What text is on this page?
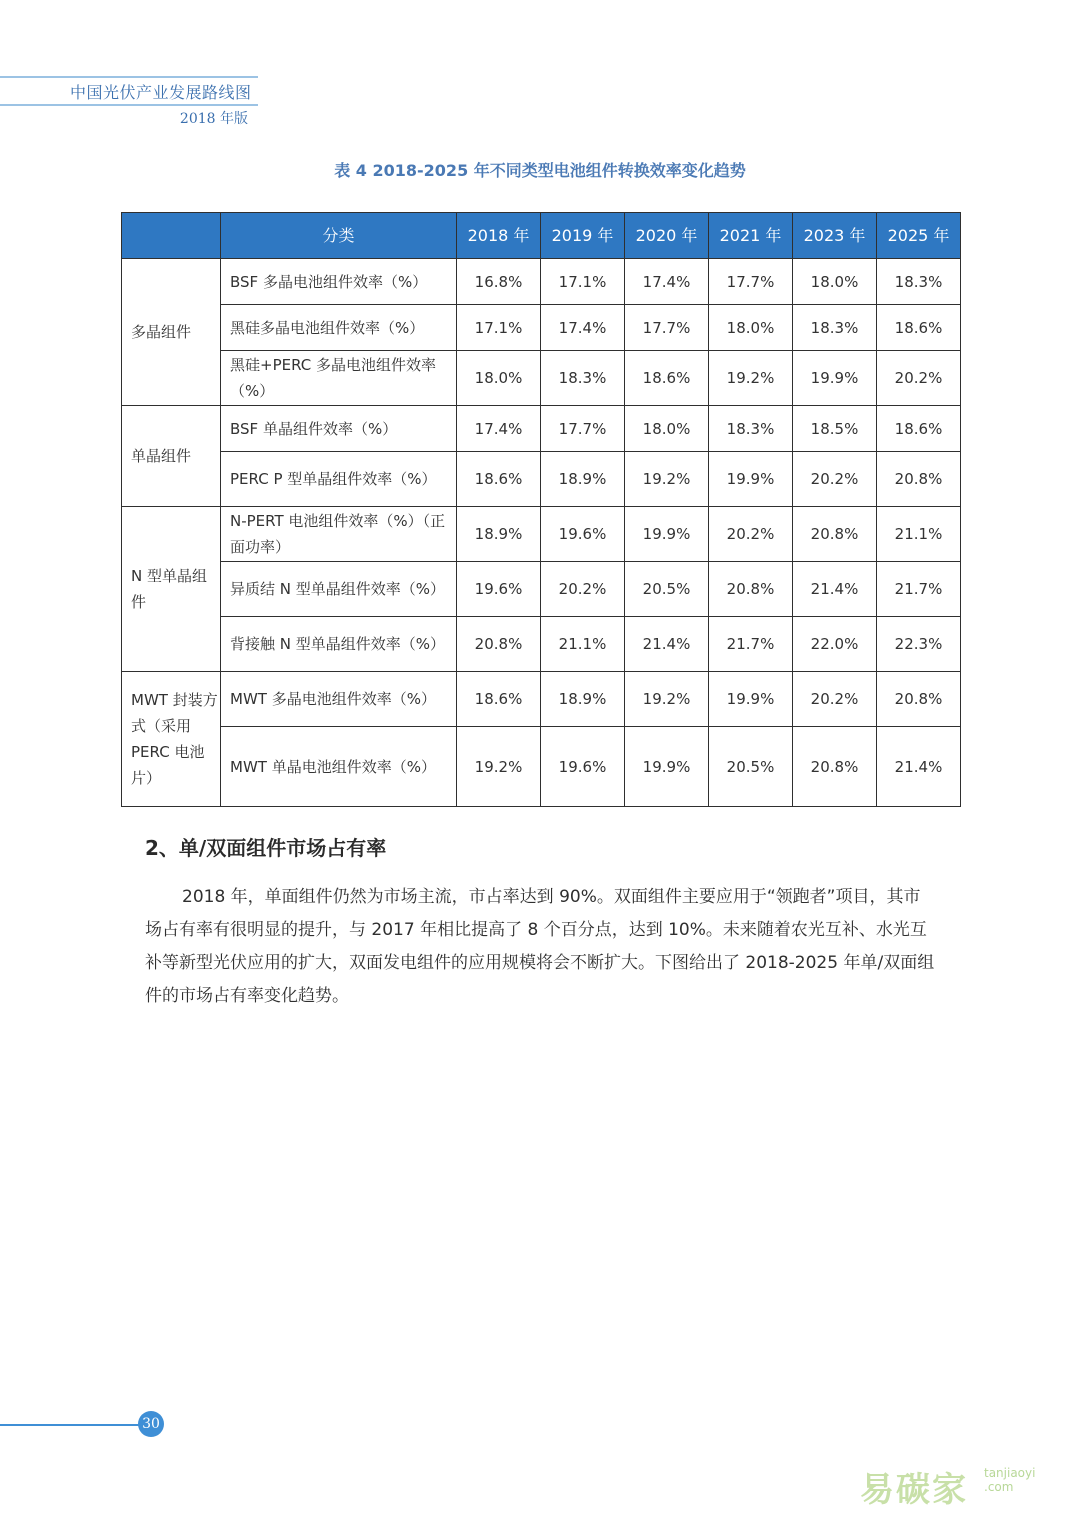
中国光伏产业发展路线图
2018 年版
表 4 2018-2025 年不同类型电池组件转换效率变化趋势
	分类	2018 年	2019 年	2020 年	2021 年	2023 年	2025 年
多晶组件	BSF 多晶电池组件效率（%）	16.8%	17.1%	17.4%	17.7%	18.0%	18.3%
	黑硅多晶电池组件效率（%）	17.1%	17.4%	17.7%	18.0%	18.3%	18.6%
	黑硅+PERC 多晶电池组件效率（%）	18.0%	18.3%	18.6%	19.2%	19.9%	20.2%
单晶组件	BSF 单晶组件效率（%）	17.4%	17.7%	18.0%	18.3%	18.5%	18.6%
	PERC P 型单晶组件效率（%）	18.6%	18.9%	19.2%	19.9%	20.2%	20.8%
N 型单晶组件	N-PERT 电池组件效率（%）（正面功率）	18.9%	19.6%	19.9%	20.2%	20.8%	21.1%
	异质结 N 型单晶组件效率（%）	19.6%	20.2%	20.5%	20.8%	21.4%	21.7%
	背接触 N 型单晶组件效率（%）	20.8%	21.1%	21.4%	21.7%	22.0%	22.3%
MWT 封装方式（采用 PERC 电池片）	MWT 多晶电池组件效率（%）	18.6%	18.9%	19.2%	19.9%	20.2%	20.8%
	MWT 单晶电池组件效率（%）	19.2%	19.6%	19.9%	20.5%	20.8%	21.4%
2、单/双面组件市场占有率

2018 年，单面组件仍然为市场主流，市占率达到 90%。双面组件主要应用于“领跑者”项目，其市场占有率有很明显的提升，与 2017 年相比提高了 8 个百分点，达到 10%。未来随着农光互补、水光互补等新型光伏应用的扩大，双面发电组件的应用规模将会不断扩大。下图给出了 2018-2025 年单/双面组件的市场占有率变化趋势。

30
易碳家 tanjiaoyi
.com
